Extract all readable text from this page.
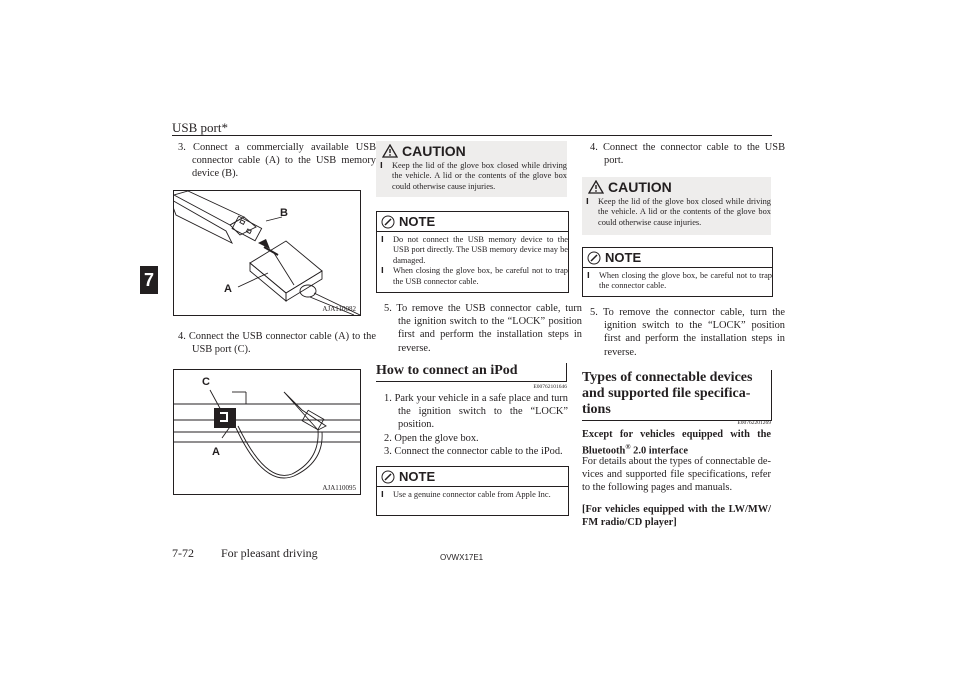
USB port*
7
3. Connect a commercially available USB connector cable (A) to the USB memory device (B).
B
A
AJA110082
4. Connect the USB connector cable (A) to the USB port (C).
C
A
AJA110095
CAUTION
l Keep the lid of the glove box closed while driving the vehicle. A lid or the contents of the glove box could otherwise cause injuries.
NOTE
l Do not connect the USB memory device to the USB port directly. The USB memory device may be damaged.
l When closing the glove box, be careful not to trap the USB connector cable.
5. To remove the USB connector cable, turn the ignition switch to the “LOCK” position first and perform the installation steps in reverse.
How to connect an iPod
E00762101646
1. Park your vehicle in a safe place and turn the ignition switch to the “LOCK” position.
2. Open the glove box.
3. Connect the connector cable to the iPod.
NOTE
l Use a genuine connector cable from Apple Inc.
4. Connect the connector cable to the USB port.
CAUTION
l Keep the lid of the glove box closed while driving the vehicle. A lid or the contents of the glove box could otherwise cause injuries.
NOTE
l When closing the glove box, be careful not to trap the connector cable.
5. To remove the connector cable, turn the ignition switch to the “LOCK” position first and perform the installation steps in reverse.
Types of connectable devices and supported file specifica-tions
E00762201269
Except for vehicles equipped with the Bluetooth® 2.0 interface
For details about the types of connectable de-vices and supported file specifications, refer to the following pages and manuals.
[For vehicles equipped with the LW/MW/ FM radio/CD player]
7-72 For pleasant driving	OVWX17E1
